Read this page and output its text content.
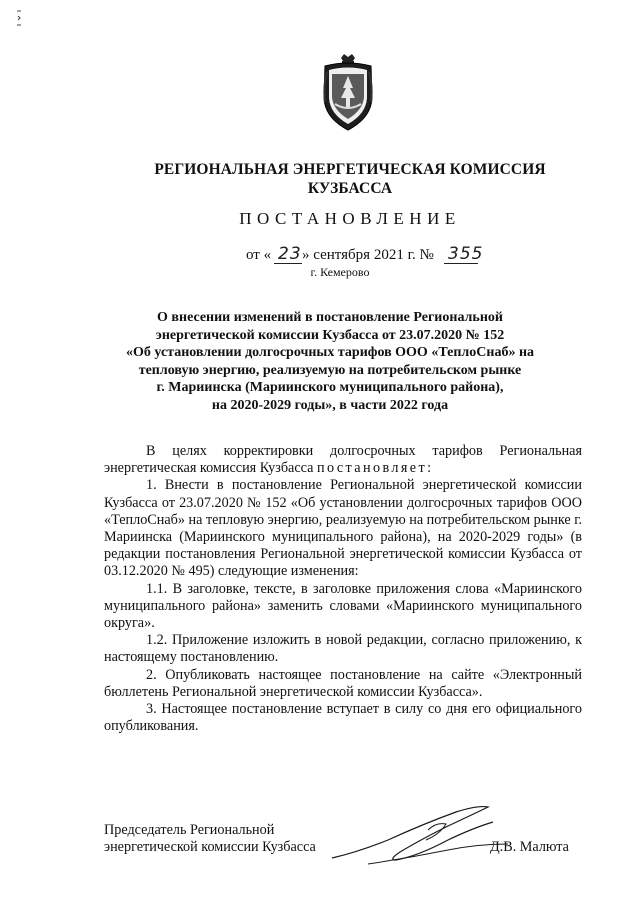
РЕГИОНАЛЬНАЯ ЭНЕРГЕТИЧЕСКАЯ КОМИССИЯ
КУЗБАССА
ПОСТАНОВЛЕНИЕ
от « 23 » сентября 2021 г. № 355
г. Кемерово
О внесении изменений в постановление Региональной
энергетической комиссии Кузбасса от 23.07.2020 № 152
«Об установлении долгосрочных тарифов ООО «ТеплоСнаб» на
тепловую энергию, реализуемую на потребительском рынке
г. Мариинска (Мариинского муниципального района),
на 2020-2029 годы», в части 2022 года

В целях корректировки долгосрочных тарифов Региональная энергетическая комиссия Кузбасса постановляет:

1. Внести в постановление Региональной энергетической комиссии Кузбасса от 23.07.2020 № 152 «Об установлении долгосрочных тарифов ООО «ТеплоСнаб» на тепловую энергию, реализуемую на потребительском рынке г. Мариинска (Мариинского муниципального района), на 2020-2029 годы» (в редакции постановления Региональной энергетической комиссии Кузбасса от 03.12.2020 № 495) следующие изменения:

1.1. В заголовке, тексте, в заголовке приложения слова «Мариинского муниципального района» заменить словами «Мариинского муниципального округа».

1.2. Приложение изложить в новой редакции, согласно приложению, к настоящему постановлению.

2. Опубликовать настоящее постановление на сайте «Электронный бюллетень Региональной энергетической комиссии Кузбасса».

3. Настоящее постановление вступает в силу со дня его официального опубликования.

Председатель Региональной
энергетической комиссии Кузбасса	Д.В. Малюта
